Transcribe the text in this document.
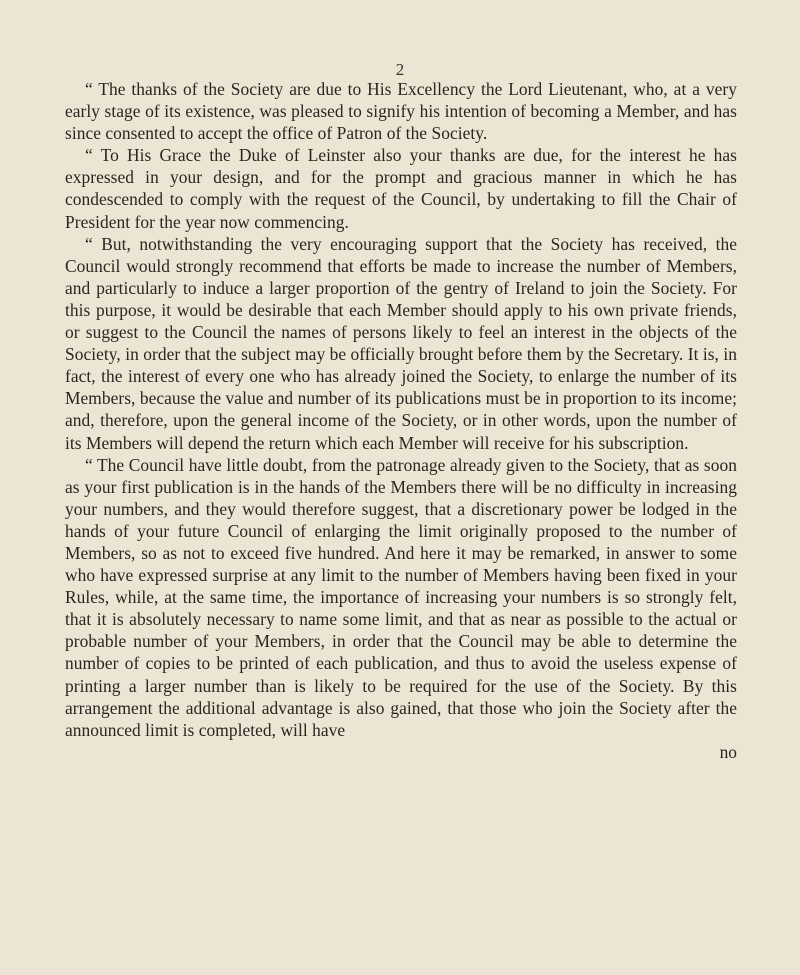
2

“ The thanks of the Society are due to His Excellency the Lord Lieutenant, who, at a very early stage of its existence, was pleased to signify his intention of becoming a Member, and has since consented to accept the office of Patron of the Society.

“ To His Grace the Duke of Leinster also your thanks are due, for the interest he has expressed in your design, and for the prompt and gracious manner in which he has condescended to comply with the request of the Council, by undertaking to fill the Chair of President for the year now commencing.

“ But, notwithstanding the very encouraging support that the Society has received, the Council would strongly recommend that efforts be made to increase the number of Members, and particularly to induce a larger proportion of the gentry of Ireland to join the Society. For this purpose, it would be desirable that each Member should apply to his own private friends, or suggest to the Council the names of persons likely to feel an interest in the objects of the Society, in order that the subject may be officially brought before them by the Secretary. It is, in fact, the interest of every one who has already joined the Society, to enlarge the number of its Members, because the value and number of its publications must be in proportion to its income; and, therefore, upon the general income of the Society, or in other words, upon the number of its Members will depend the return which each Member will receive for his subscription.

“ The Council have little doubt, from the patronage already given to the Society, that as soon as your first publication is in the hands of the Members there will be no difficulty in increasing your numbers, and they would therefore suggest, that a discretionary power be lodged in the hands of your future Council of enlarging the limit originally proposed to the number of Members, so as not to exceed five hundred. And here it may be remarked, in answer to some who have expressed surprise at any limit to the number of Members having been fixed in your Rules, while, at the same time, the importance of increasing your numbers is so strongly felt, that it is absolutely necessary to name some limit, and that as near as possible to the actual or probable number of your Members, in order that the Council may be able to determine the number of copies to be printed of each publication, and thus to avoid the useless expense of printing a larger number than is likely to be required for the use of the Society. By this arrangement the additional advantage is also gained, that those who join the Society after the announced limit is completed, will have

no
